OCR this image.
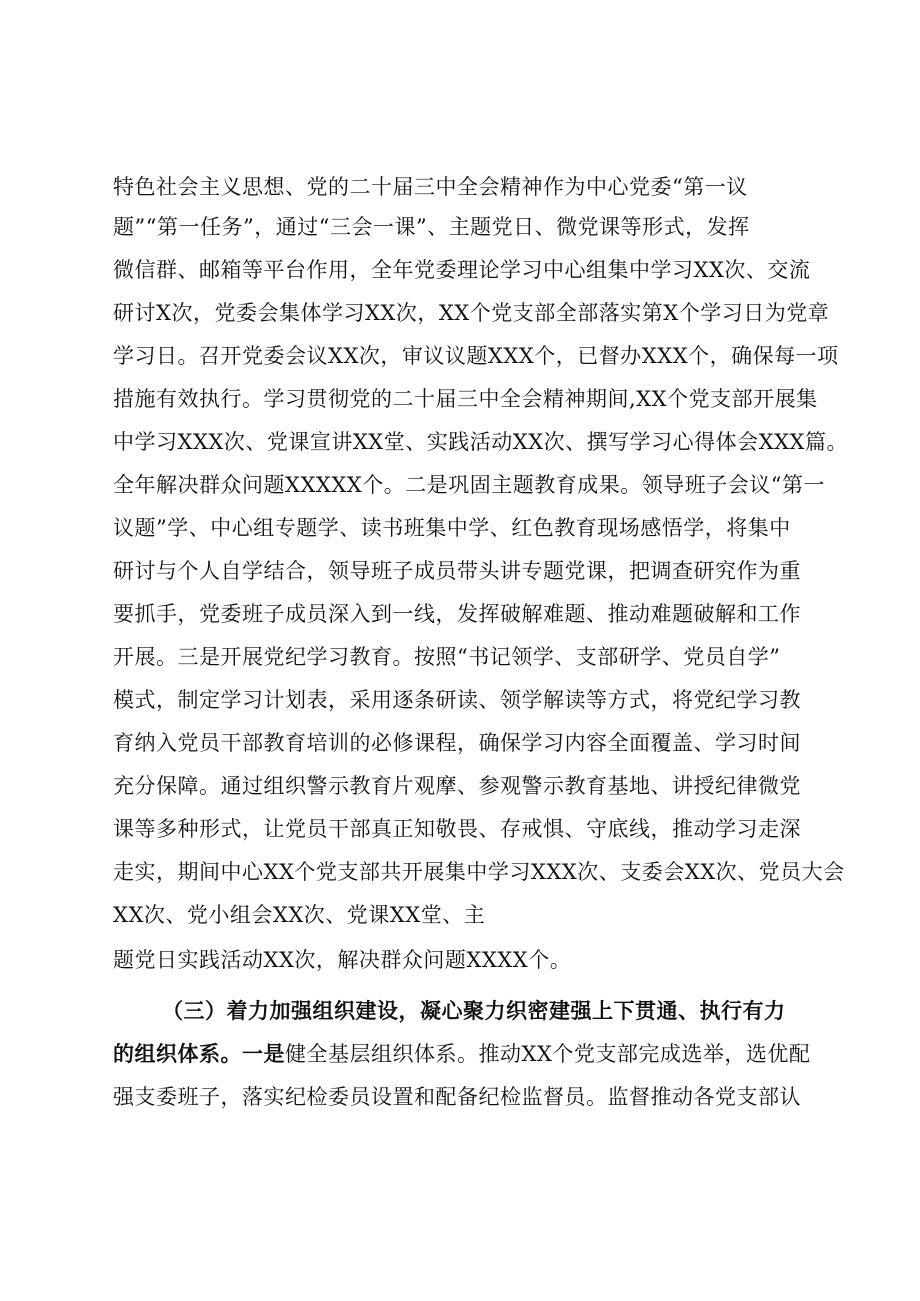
特色社会主义思想、党的二十届三中全会精神作为中心党委“第一议
题”“第一任务”，通过“三会一课”、主题党日、微党课等形式，发挥
微信群、邮箱等平台作用，全年党委理论学习中心组集中学习XX次、交流
研讨X次，党委会集体学习XX次，XX个党支部全部落实第X个学习日为党章
学习日。召开党委会议XX次，审议议题XXX个，已督办XXX个，确保每一项
措施有效执行。学习贯彻党的二十届三中全会精神期间,XX个党支部开展集
中学习XXX次、党课宣讲XX堂、实践活动XX次、撰写学习心得体会XXX篇。
全年解决群众问题XXXXX个。二是巩固主题教育成果。领导班子会议“第一
议题”学、中心组专题学、读书班集中学、红色教育现场感悟学，将集中
研讨与个人自学结合，领导班子成员带头讲专题党课，把调查研究作为重
要抓手，党委班子成员深入到一线，发挥破解难题、推动难题破解和工作
开展。三是开展党纪学习教育。按照“书记领学、支部研学、党员自学”
模式，制定学习计划表，采用逐条研读、领学解读等方式，将党纪学习教
育纳入党员干部教育培训的必修课程，确保学习内容全面覆盖、学习时间
充分保障。通过组织警示教育片观摩、参观警示教育基地、讲授纪律微党
课等多种形式，让党员干部真正知敬畏、存戒惧、守底线，推动学习走深
走实，期间中心XX个党支部共开展集中学习XXX次、支委会XX次、党员大会
XX次、党小组会XX次、党课XX堂、主
题党日实践活动XX次，解决群众问题XXXX个。
（三）着力加强组织建设，凝心聚力织密建强上下贯通、执行有力
的组织体系。一是健全基层组织体系。推动XX个党支部完成选举，选优配
强支委班子，落实纪检委员设置和配备纪检监督员。监督推动各党支部认
